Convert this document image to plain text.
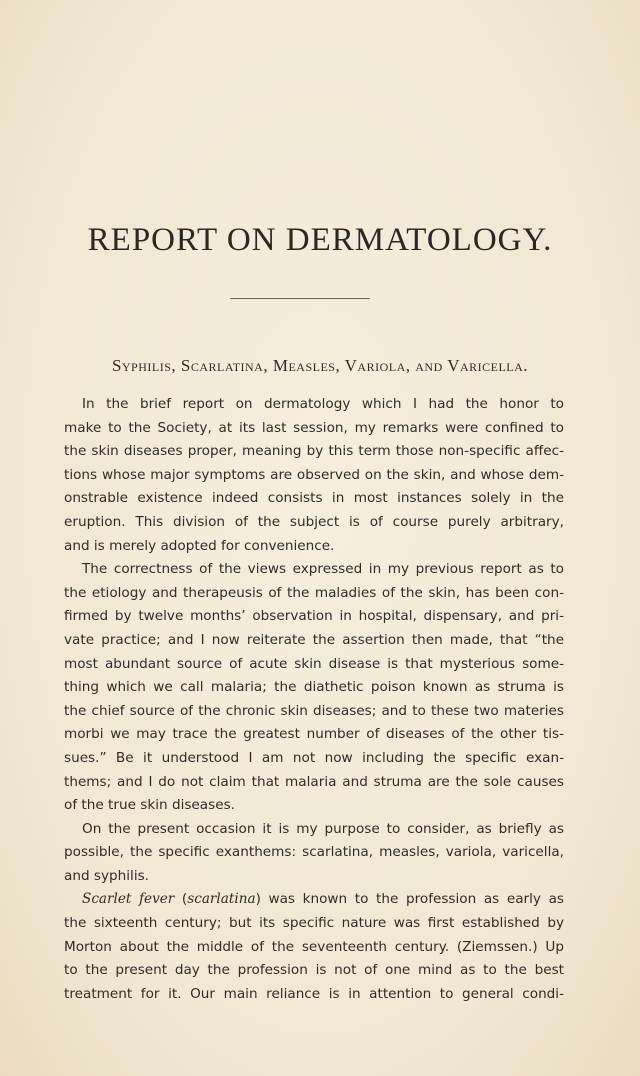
REPORT ON DERMATOLOGY.
Syphilis, Scarlatina, Measles, Variola, and Varicella.
In the brief report on dermatology which I had the honor to
make to the Society, at its last session, my remarks were confined to
the skin diseases proper, meaning by this term those non-specific affec-
tions whose major symptoms are observed on the skin, and whose dem-
onstrable existence indeed consists in most instances solely in the
eruption. This division of the subject is of course purely arbitrary,
and is merely adopted for convenience.
The correctness of the views expressed in my previous report as to
the etiology and therapeusis of the maladies of the skin, has been con-
firmed by twelve months’ observation in hospital, dispensary, and pri-
vate practice; and I now reiterate the assertion then made, that “the
most abundant source of acute skin disease is that mysterious some-
thing which we call malaria; the diathetic poison known as struma is
the chief source of the chronic skin diseases; and to these two materies
morbi we may trace the greatest number of diseases of the other tis-
sues.” Be it understood I am not now including the specific exan-
thems; and I do not claim that malaria and struma are the sole causes
of the true skin diseases.
On the present occasion it is my purpose to consider, as briefly as
possible, the specific exanthems: scarlatina, measles, variola, varicella,
and syphilis.
Scarlet fever (scarlatina) was known to the profession as early as
the sixteenth century; but its specific nature was first established by
Morton about the middle of the seventeenth century. (Ziemssen.) Up
to the present day the profession is not of one mind as to the best
treatment for it. Our main reliance is in attention to general condi-
